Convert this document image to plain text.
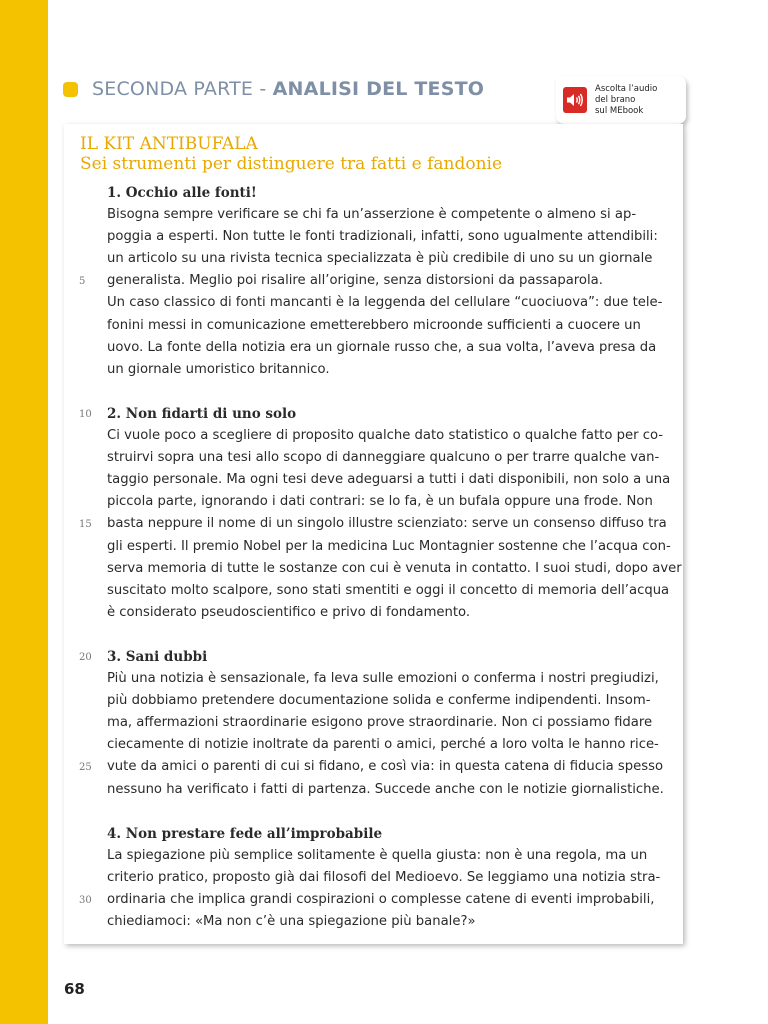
SECONDA PARTE - ANALISI DEL TESTO	Ascolta l’audio
del brano
sul MEbook
IL KIT ANTIBUFALA
Sei strumenti per distinguere tra fatti e fandonie
1. Occhio alle fonti!
Bisogna sempre verificare se chi fa un’asserzione è competente o almeno si ap-
poggia a esperti. Non tutte le fonti tradizionali, infatti, sono ugualmente attendibili:
un articolo su una rivista tecnica specializzata è più credibile di uno su un giornale
5 generalista. Meglio poi risalire all’origine, senza distorsioni da passaparola.
Un caso classico di fonti mancanti è la leggenda del cellulare “cuociuova”: due tele-
fonini messi in comunicazione emetterebbero microonde sufficienti a cuocere un
uovo. La fonte della notizia era un giornale russo che, a sua volta, l’aveva presa da
un giornale umoristico britannico.
10 2. Non fidarti di uno solo
Ci vuole poco a scegliere di proposito qualche dato statistico o qualche fatto per co-
struirvi sopra una tesi allo scopo di danneggiare qualcuno o per trarre qualche van-
taggio personale. Ma ogni tesi deve adeguarsi a tutti i dati disponibili, non solo a una
piccola parte, ignorando i dati contrari: se lo fa, è un bufala oppure una frode. Non
15 basta neppure il nome di un singolo illustre scienziato: serve un consenso diffuso tra
gli esperti. Il premio Nobel per la medicina Luc Montagnier sostenne che l’acqua con-
serva memoria di tutte le sostanze con cui è venuta in contatto. I suoi studi, dopo aver
suscitato molto scalpore, sono stati smentiti e oggi il concetto di memoria dell’acqua
è considerato pseudoscientifico e privo di fondamento.
20 3. Sani dubbi
Più una notizia è sensazionale, fa leva sulle emozioni o conferma i nostri pregiudizi,
più dobbiamo pretendere documentazione solida e conferme indipendenti. Insom-
ma, affermazioni straordinarie esigono prove straordinarie. Non ci possiamo fidare
ciecamente di notizie inoltrate da parenti o amici, perché a loro volta le hanno rice-
25 vute da amici o parenti di cui si fidano, e così via: in questa catena di fiducia spesso
nessuno ha verificato i fatti di partenza. Succede anche con le notizie giornalistiche.
4. Non prestare fede all’improbabile
La spiegazione più semplice solitamente è quella giusta: non è una regola, ma un
criterio pratico, proposto già dai filosofi del Medioevo. Se leggiamo una notizia stra-
30 ordinaria che implica grandi cospirazioni o complesse catene di eventi improbabili,
chiediamoci: «Ma non c’è una spiegazione più banale?»
68
